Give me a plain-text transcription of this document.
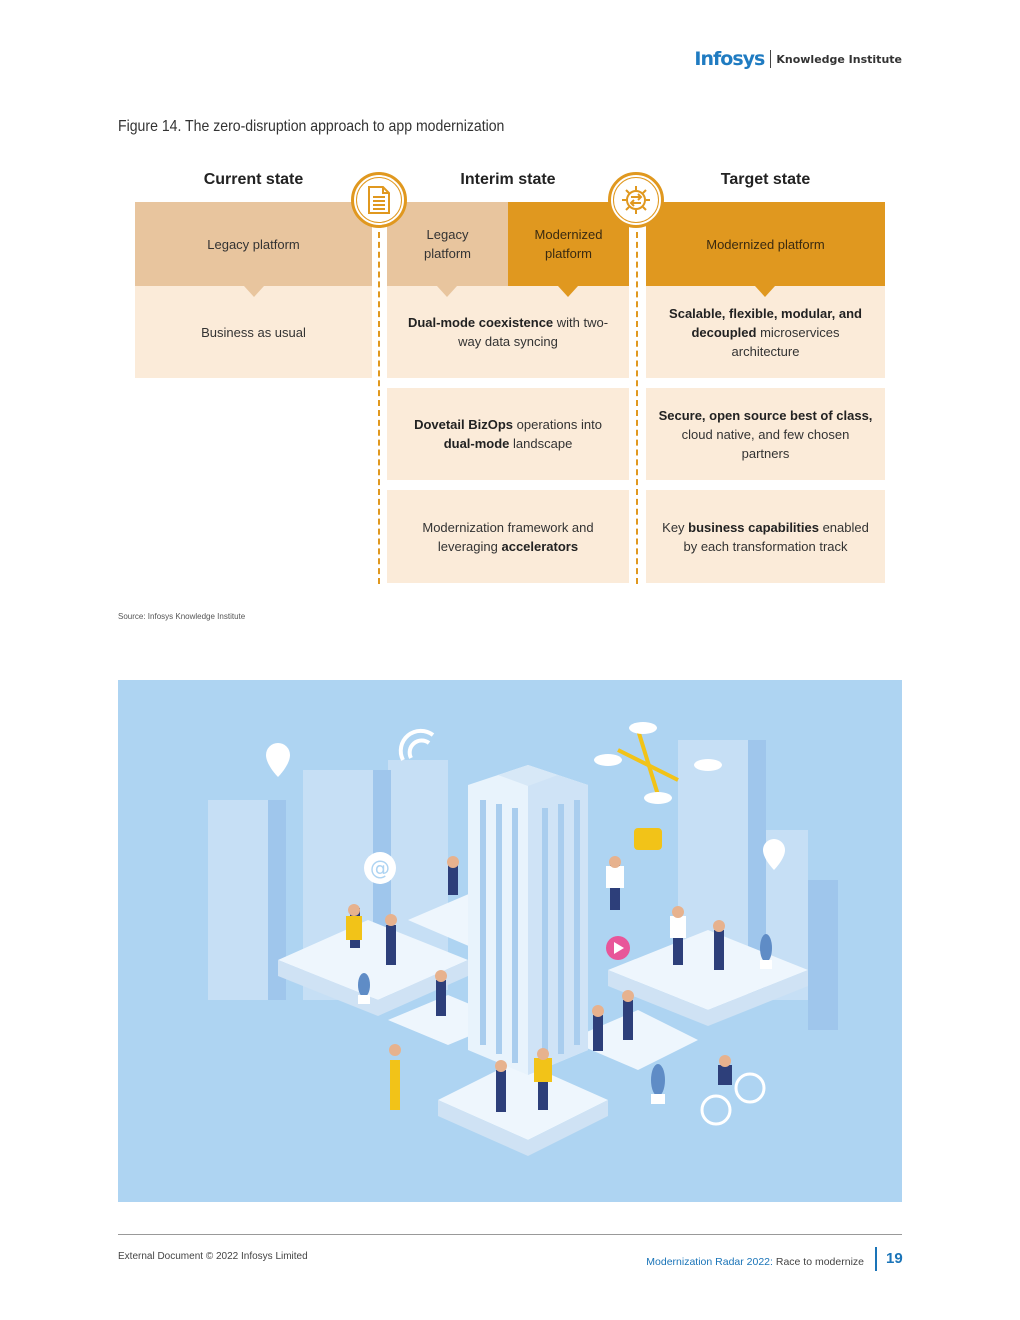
Infosys Knowledge Institute
Figure 14. The zero-disruption approach to app modernization
Current state	Interim state	Target state
Legacy platform
Legacy platform
Modernized platform
Modernized platform
Business as usual
Dual-mode coexistence with two-way data syncing
Scalable, flexible, modular, and decoupled microservices architecture
Dovetail BizOps operations into dual-mode landscape
Secure, open source best of class, cloud native, and few chosen partners
Modernization framework and leveraging accelerators
Key business capabilities enabled by each transformation track
Source: Infosys Knowledge Institute
@
External Document © 2022 Infosys Limited	Modernization Radar 2022: Race to modernize 19
